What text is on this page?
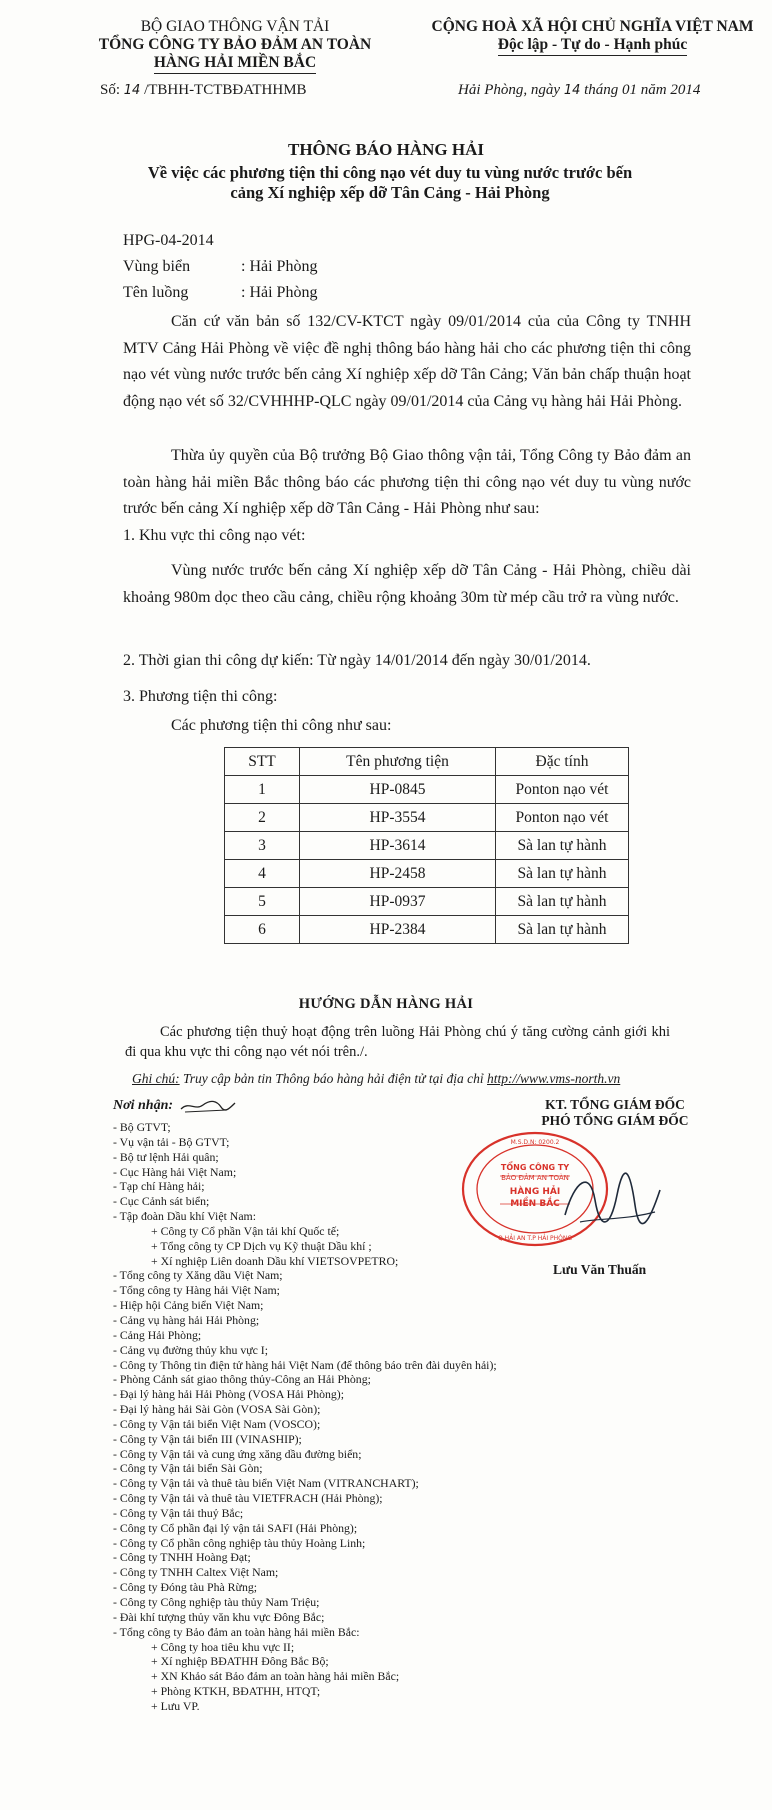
BỘ GIAO THÔNG VẬN TẢI
TỔNG CÔNG TY BẢO ĐẢM AN TOÀN
HÀNG HẢI MIỀN BẮC
CỘNG HOÀ XÃ HỘI CHỦ NGHĨA VIỆT NAM
Độc lập - Tự do - Hạnh phúc
Số: 14 /TBHH-TCTBĐATHHMB	Hải Phòng, ngày 14 tháng 01 năm 2014
THÔNG BÁO HÀNG HẢI
Về việc các phương tiện thi công nạo vét duy tu vùng nước trước bến cảng Xí nghiệp xếp dỡ Tân Cảng - Hải Phòng
HPG-04-2014
Vùng biển	: Hải Phòng
Tên luồng	: Hải Phòng
Căn cứ văn bản số 132/CV-KTCT ngày 09/01/2014 của của Công ty TNHH MTV Cảng Hải Phòng về việc đề nghị thông báo hàng hải cho các phương tiện thi công nạo vét vùng nước trước bến cảng Xí nghiệp xếp dỡ Tân Cảng; Văn bản chấp thuận hoạt động nạo vét số 32/CVHHHP-QLC ngày 09/01/2014 của Cảng vụ hàng hải Hải Phòng.
Thừa ủy quyền của Bộ trưởng Bộ Giao thông vận tải, Tổng Công ty Bảo đảm an toàn hàng hải miền Bắc thông báo các phương tiện thi công nạo vét duy tu vùng nước trước bến cảng Xí nghiệp xếp dỡ Tân Cảng - Hải Phòng như sau:
1. Khu vực thi công nạo vét:
Vùng nước trước bến cảng Xí nghiệp xếp dỡ Tân Cảng - Hải Phòng, chiều dài khoảng 980m dọc theo cầu cảng, chiều rộng khoảng 30m từ mép cầu trở ra vùng nước.
2. Thời gian thi công dự kiến: Từ ngày 14/01/2014 đến ngày 30/01/2014.
3. Phương tiện thi công:
Các phương tiện thi công như sau:
STT	Tên phương tiện	Đặc tính
1	HP-0845	Ponton nạo vét
2	HP-3554	Ponton nạo vét
3	HP-3614	Sà lan tự hành
4	HP-2458	Sà lan tự hành
5	HP-0937	Sà lan tự hành
6	HP-2384	Sà lan tự hành
HƯỚNG DẪN HÀNG HẢI
Các phương tiện thuỷ hoạt động trên luồng Hải Phòng chú ý tăng cường cảnh giới khi đi qua khu vực thi công nạo vét nói trên./.
Ghi chú: Truy cập bản tin Thông báo hàng hải điện tử tại địa chỉ http://www.vms-north.vn
Nơi nhận:
- Bộ GTVT;
- Vụ vận tải - Bộ GTVT;
- Bộ tư lệnh Hải quân;
- Cục Hàng hải Việt Nam;
- Tạp chí Hàng hải;
- Cục Cảnh sát biển;
- Tập đoàn Dầu khí Việt Nam:
+ Công ty Cổ phần Vận tải khí Quốc tế;
+ Tổng công ty CP Dịch vụ Kỹ thuật Dầu khí ;
+ Xí nghiệp Liên doanh Dầu khí VIETSOVPETRO;
- Tổng công ty Xăng dầu Việt Nam;
- Tổng công ty Hàng hải Việt Nam;
- Hiệp hội Cảng biển Việt Nam;
- Cảng vụ hàng hải Hải Phòng;
- Cảng Hải Phòng;
- Cảng vụ đường thủy khu vực I;
- Công ty Thông tin điện tử hàng hải Việt Nam (để thông báo trên đài duyên hải);
- Phòng Cảnh sát giao thông thủy-Công an Hải Phòng;
- Đại lý hàng hải Hải Phòng (VOSA Hải Phòng);
- Đại lý hàng hải Sài Gòn (VOSA Sài Gòn);
- Công ty Vận tải biển Việt Nam (VOSCO);
- Công ty Vận tải biển III (VINASHIP);
- Công ty Vận tải và cung ứng xăng dầu đường biển;
- Công ty Vận tải biển Sài Gòn;
- Công ty Vận tải và thuê tàu biển Việt Nam (VITRANCHART);
- Công ty Vận tải và thuê tàu VIETFRACH (Hải Phòng);
- Công ty Vận tải thuỷ Bắc;
- Công ty Cổ phần đại lý vận tải SAFI (Hải Phòng);
- Công ty Cổ phần công nghiệp tàu thủy Hoàng Linh;
- Công ty TNHH Hoàng Đạt;
- Công ty TNHH Caltex Việt Nam;
- Công ty Đóng tàu Phà Rừng;
- Công ty Công nghiệp tàu thủy Nam Triệu;
- Đài khí tượng thủy văn khu vực Đông Bắc;
- Tổng công ty Bảo đảm an toàn hàng hải miền Bắc:
+ Công ty hoa tiêu khu vực II;
+ Xí nghiệp BĐATHH Đông Bắc Bộ;
+ XN Khảo sát Bảo đảm an toàn hàng hải miền Bắc;
+ Phòng KTKH, BĐATHH, HTQT;
+ Lưu VP.
KT. TỔNG GIÁM ĐỐC
PHÓ TỔNG GIÁM ĐỐC
TỔNG CÔNG TY
BẢO ĐẢM AN TOÀN
HÀNG HẢI
MIỀN BẮC
M.S.D.N: 0200.2
Q.HẢI AN T.P HẢI PHÒNG
Lưu Văn Thuấn
